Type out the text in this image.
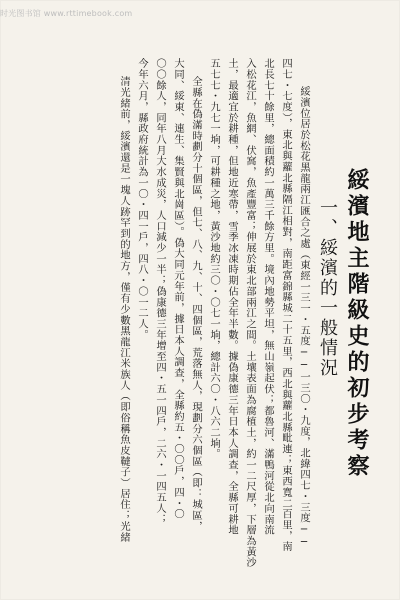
时光图书馆 www.rttimebook.com
綏濱地主階級史的初步考察
一、綏濱的一般情況
綏濱位居於松花黑龍兩江匯合之處（東經一三一・五度──一三〇・九度，北緯四七・三度──
四七・七度），東北與蘿北縣隔江相對，南距富錦縣城二十五里，西北與蘿北縣毗連；東西寬二百里，南
北長七十餘里，總面積約一萬三千餘方里。境內地勢平坦，無山嶺起伏；都魯河、滿鴨河從北向南流
入松花江，魚網、伏窩，魚產豐富；伸展於東北部兩江之間。土壤表面為腐植土，約一二尺厚，下層為黃沙
土，最適宜於耕種，但地近寒帶，雪季冰凍時期佔全年半數。據偽康德三年日本人調查，全縣可耕地
五七七・九七一垧，可耕種之地，黃沙地約三〇・〇七一垧，總計六〇・八六二垧。
全縣在偽滿時劃分十個區，但七、八、九、十、四個區，荒落無人，現劃分六個區（即：城區，
大同、綏東、連生、集賢與北崗區）。偽大同元年前，據日本人調查，全縣約五・〇〇戶，四・〇
〇〇餘人，同年八月大水成災，人口減少一半；偽康德三年增至四・五一四戶，二六・一四五人；
今年六月，縣政府統計為一〇・四一戶，四八・〇一二人。
清光緒前，綏濱還是一塊人跡罕到的地方，僅有少數黑龍江米族人（即俗稱魚皮韃子）居住；光緒
